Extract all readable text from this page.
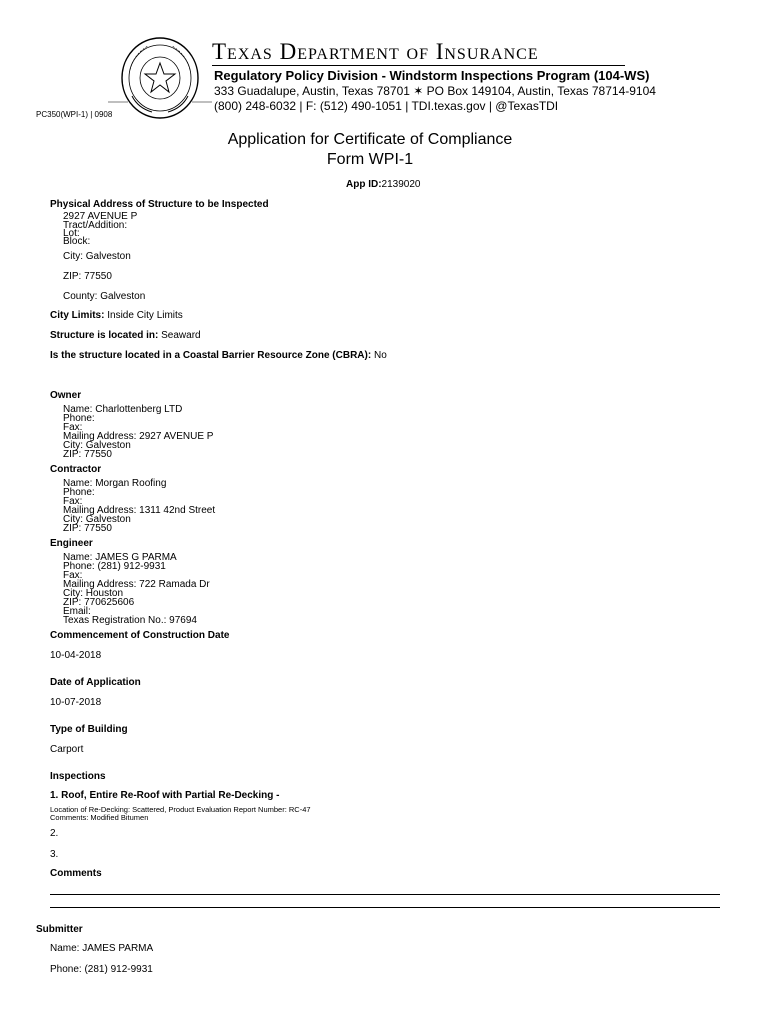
Texas Department of Insurance
Regulatory Policy Division - Windstorm Inspections Program (104-WS)
333 Guadalupe, Austin, Texas 78701 ✶ PO Box 149104, Austin, Texas 78714-9104
(800) 248-6032 | F: (512) 490-1051 | TDI.texas.gov | @TexasTDI
PC350(WPI-1) | 0908
Application for Certificate of Compliance
Form WPI-1
App ID:2139020
Physical Address of Structure to be Inspected
2927 AVENUE P
Tract/Addition:
Lot:
Block:
City: Galveston
ZIP: 77550
County: Galveston
City Limits: Inside City Limits
Structure is located in: Seaward
Is the structure located in a Coastal Barrier Resource Zone (CBRA): No
Owner
Name: Charlottenberg LTD
Phone:
Fax:
Mailing Address: 2927 AVENUE P
City: Galveston
ZIP: 77550
Contractor
Name: Morgan Roofing
Phone:
Fax:
Mailing Address: 1311 42nd Street
City: Galveston
ZIP: 77550
Engineer
Name: JAMES G PARMA
Phone: (281) 912-9931
Fax:
Mailing Address: 722 Ramada Dr
City: Houston
ZIP: 770625606
Email:
Texas Registration No.: 97694
Commencement of Construction Date
10-04-2018
Date of Application
10-07-2018
Type of Building
Carport
Inspections
1. Roof, Entire Re-Roof with Partial Re-Decking -
Location of Re-Decking: Scattered, Product Evaluation Report Number: RC-47
Comments: Modified Bitumen
2.
3.
Comments
Submitter
Name: JAMES PARMA
Phone: (281) 912-9931
